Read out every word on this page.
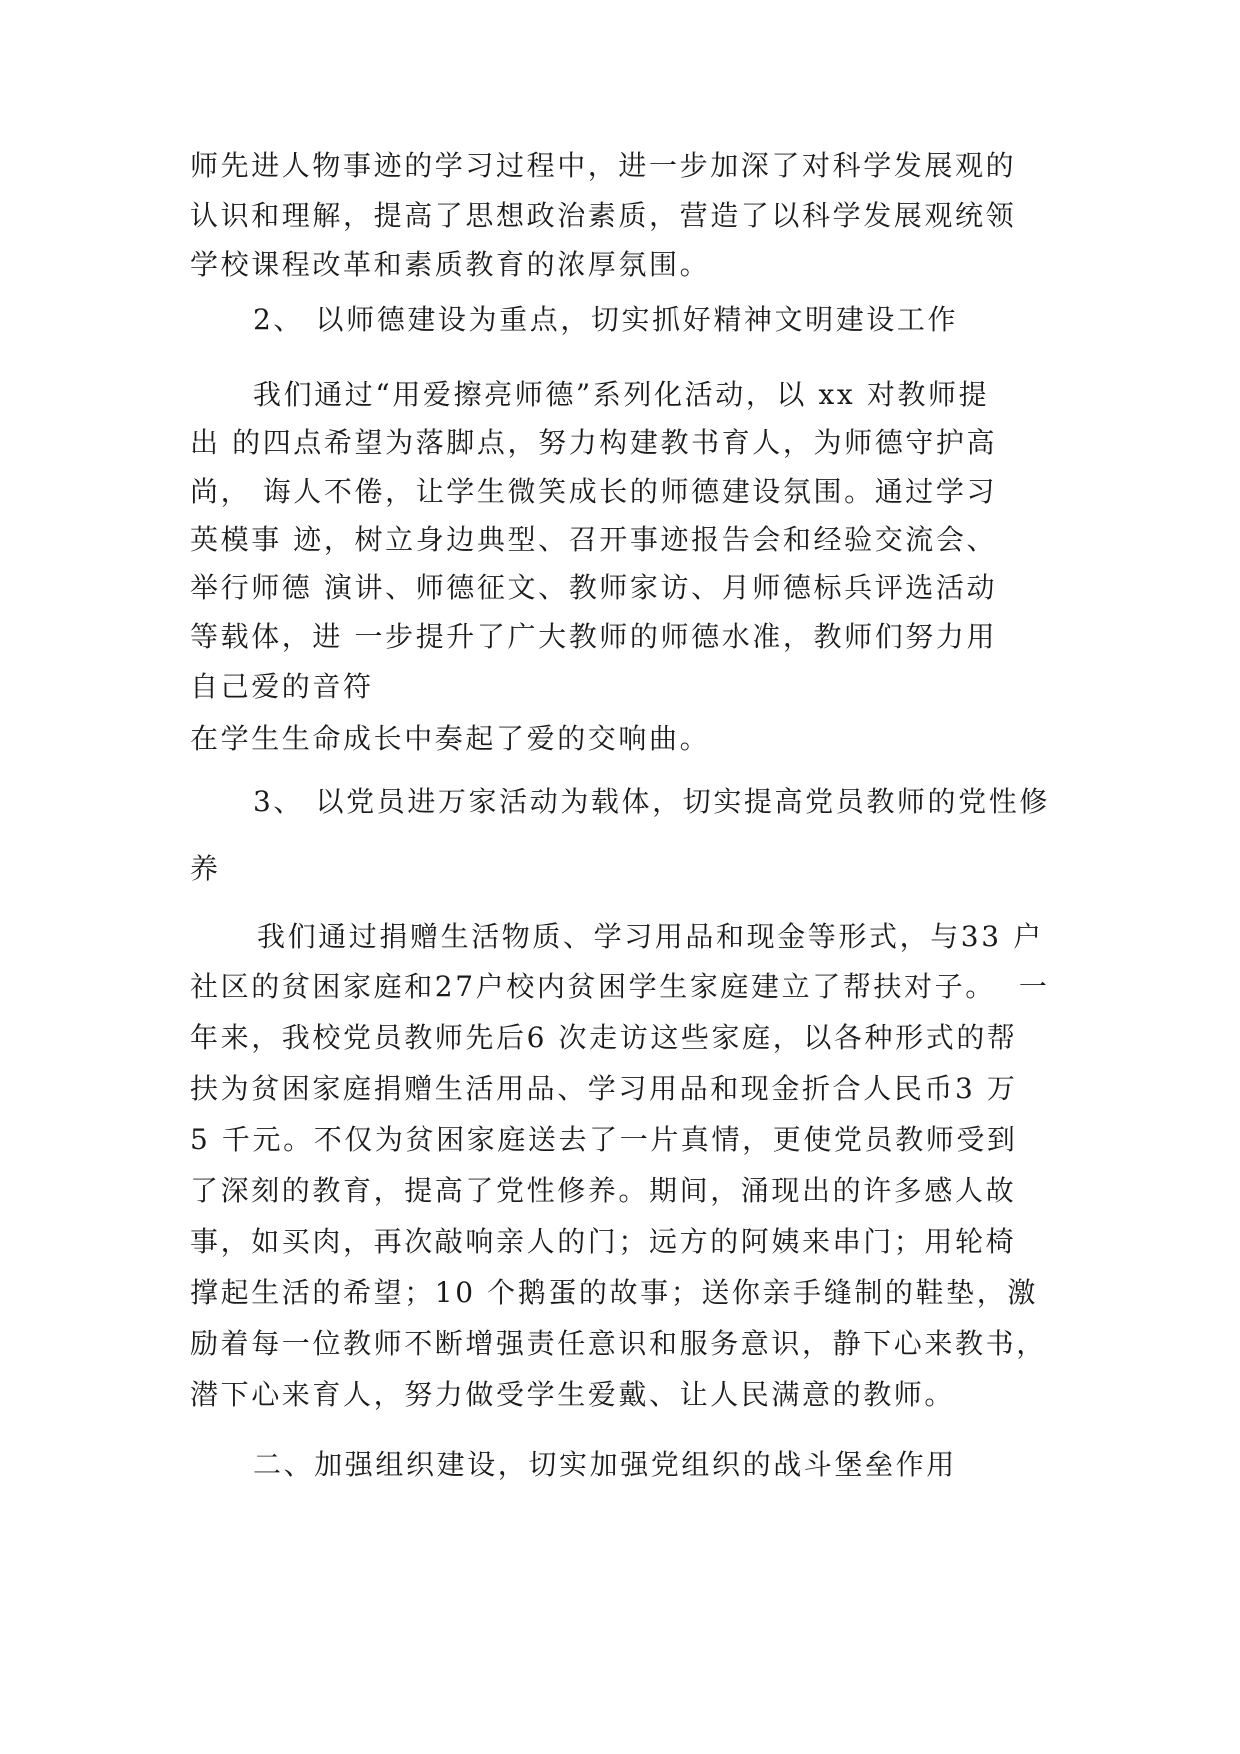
师先进人物事迹的学习过程中，进一步加深了对科学发展观的

认识和理解，提高了思想政治素质，营造了以科学发展观统领

学校课程改革和素质教育的浓厚氛围。

2、 以师德建设为重点，切实抓好精神文明建设工作

我们通过“用爱擦亮师德”系列化活动，以 xx 对教师提

出 的四点希望为落脚点，努力构建教书育人，为师德守护高

尚， 诲人不倦，让学生微笑成长的师德建设氛围。通过学习

英模事 迹，树立身边典型、召开事迹报告会和经验交流会、

举行师德 演讲、师德征文、教师家访、月师德标兵评选活动

等载体，进 一步提升了广大教师的师德水准，教师们努力用

自己爱的音符

在学生生命成长中奏起了爱的交响曲。

3、 以党员进万家活动为载体，切实提高党员教师的党性修

养

我们通过捐赠生活物质、学习用品和现金等形式，与33 户

社区的贫困家庭和27户校内贫困学生家庭建立了帮扶对子。  一

年来，我校党员教师先后6 次走访这些家庭，以各种形式的帮

扶为贫困家庭捐赠生活用品、学习用品和现金折合人民币3 万

5 千元。不仅为贫困家庭送去了一片真情，更使党员教师受到

了深刻的教育，提高了党性修养。期间，涌现出的许多感人故

事，如买肉，再次敲响亲人的门；远方的阿姨来串门；用轮椅

撑起生活的希望；10 个鹅蛋的故事；送你亲手缝制的鞋垫，激

励着每一位教师不断增强责任意识和服务意识，静下心来教书，

潜下心来育人，努力做受学生爱戴、让人民满意的教师。

二、加强组织建设，切实加强党组织的战斗堡垒作用
